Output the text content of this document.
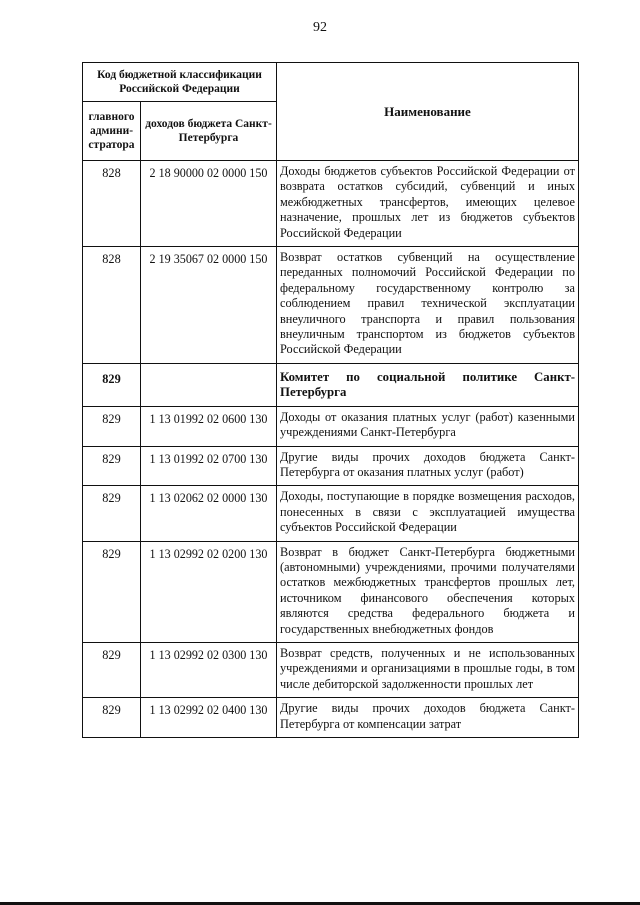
92
Код бюджетной классификации Российской Федерации		Наименование
главного админи-стратора	доходов бюджета Санкт-Петербурга	
828	2 18 90000 02 0000 150	Доходы бюджетов субъектов Российской Федерации от возврата остатков субсидий, субвенций и иных межбюджетных трансфертов, имеющих целевое назначение, прошлых лет из бюджетов субъектов Российской Федерации
828	2 19 35067 02 0000 150	Возврат остатков субвенций на осуществление переданных полномочий Российской Федерации по федеральному государственному контролю за соблюдением правил технической эксплуатации внеуличного транспорта и правил пользования внеуличным транспортом из бюджетов субъектов Российской Федерации
829		Комитет по социальной политике Санкт-Петербурга
829	1 13 01992 02 0600 130	Доходы от оказания платных услуг (работ) казенными учреждениями Санкт-Петербурга
829	1 13 01992 02 0700 130	Другие виды прочих доходов бюджета Санкт-Петербурга от оказания платных услуг (работ)
829	1 13 02062 02 0000 130	Доходы, поступающие в порядке возмещения расходов, понесенных в связи с эксплуатацией имущества субъектов Российской Федерации
829	1 13 02992 02 0200 130	Возврат в бюджет Санкт-Петербурга бюджетными (автономными) учреждениями, прочими получателями остатков межбюджетных трансфертов прошлых лет, источником финансового обеспечения которых являются средства федерального бюджета и государственных внебюджетных фондов
829	1 13 02992 02 0300 130	Возврат средств, полученных и не использованных учреждениями и организациями в прошлые годы, в том числе дебиторской задолженности прошлых лет
829	1 13 02992 02 0400 130	Другие виды прочих доходов бюджета Санкт-Петербурга от компенсации затрат
